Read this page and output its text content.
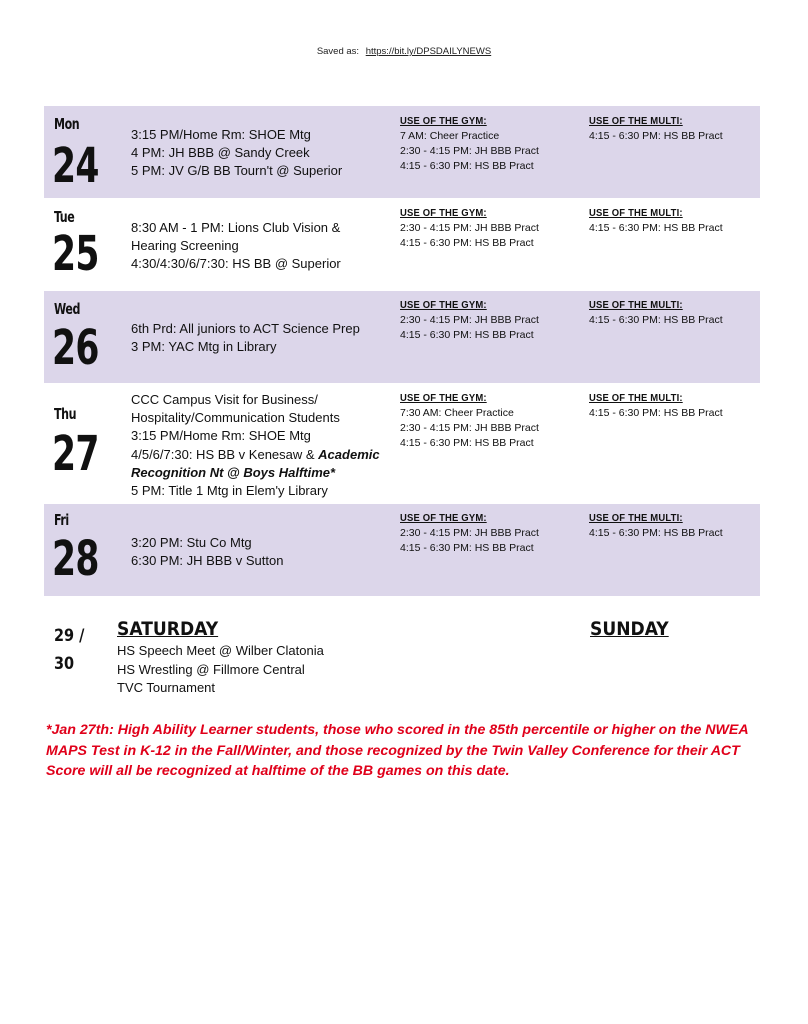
Saved as: https://bit.ly/DPSDAILYNEWS
Mon
24
3:15 PM/Home Rm: SHOE Mtg
4 PM: JH BBB @ Sandy Creek
5 PM: JV G/B BB Tourn't @ Superior
USE OF THE GYM:
7 AM: Cheer Practice
2:30 - 4:15 PM: JH BBB Pract
4:15 - 6:30 PM: HS BB Pract
USE OF THE MULTI:
4:15 - 6:30 PM: HS BB Pract
Tue
25 8:30 AM - 1 PM: Lions Club Vision &
Hearing Screening
4:30/4:30/6/7:30: HS BB @ Superior
USE OF THE GYM:
2:30 - 4:15 PM: JH BBB Pract
4:15 - 6:30 PM: HS BB Pract
USE OF THE MULTI:
4:15 - 6:30 PM: HS BB Pract
Wed
26 6th Prd: All juniors to ACT Science Prep
3 PM: YAC Mtg in Library
USE OF THE GYM:
2:30 - 4:15 PM: JH BBB Pract
4:15 - 6:30 PM: HS BB Pract
USE OF THE MULTI:
4:15 - 6:30 PM: HS BB Pract
Thu
27
CCC Campus Visit for Business/
Hospitality/Communication Students
3:15 PM/Home Rm: SHOE Mtg
4/5/6/7:30: HS BB v Kenesaw & Academic
Recognition Nt @ Boys Halftime*
5 PM: Title 1 Mtg in Elem'y Library
USE OF THE GYM:
7:30 AM: Cheer Practice
2:30 - 4:15 PM: JH BBB Pract
4:15 - 6:30 PM: HS BB Pract
USE OF THE MULTI:
4:15 - 6:30 PM: HS BB Pract
Fri
28 3:20 PM: Stu Co Mtg
6:30 PM: JH BBB v Sutton
USE OF THE GYM:
2:30 - 4:15 PM: JH BBB Pract
4:15 - 6:30 PM: HS BB Pract
USE OF THE MULTI:
4:15 - 6:30 PM: HS BB Pract
29 /
30
SATURDAY	SUNDAY
HS Speech Meet @ Wilber Clatonia
HS Wrestling @ Fillmore Central
TVC Tournament
*Jan 27th: High Ability Learner students, those who scored in the 85th percentile or higher on the NWEA MAPS Test in K-12 in the Fall/Winter, and those recognized by the Twin Valley Conference for their ACT Score will all be recognized at halftime of the BB games on this date.
